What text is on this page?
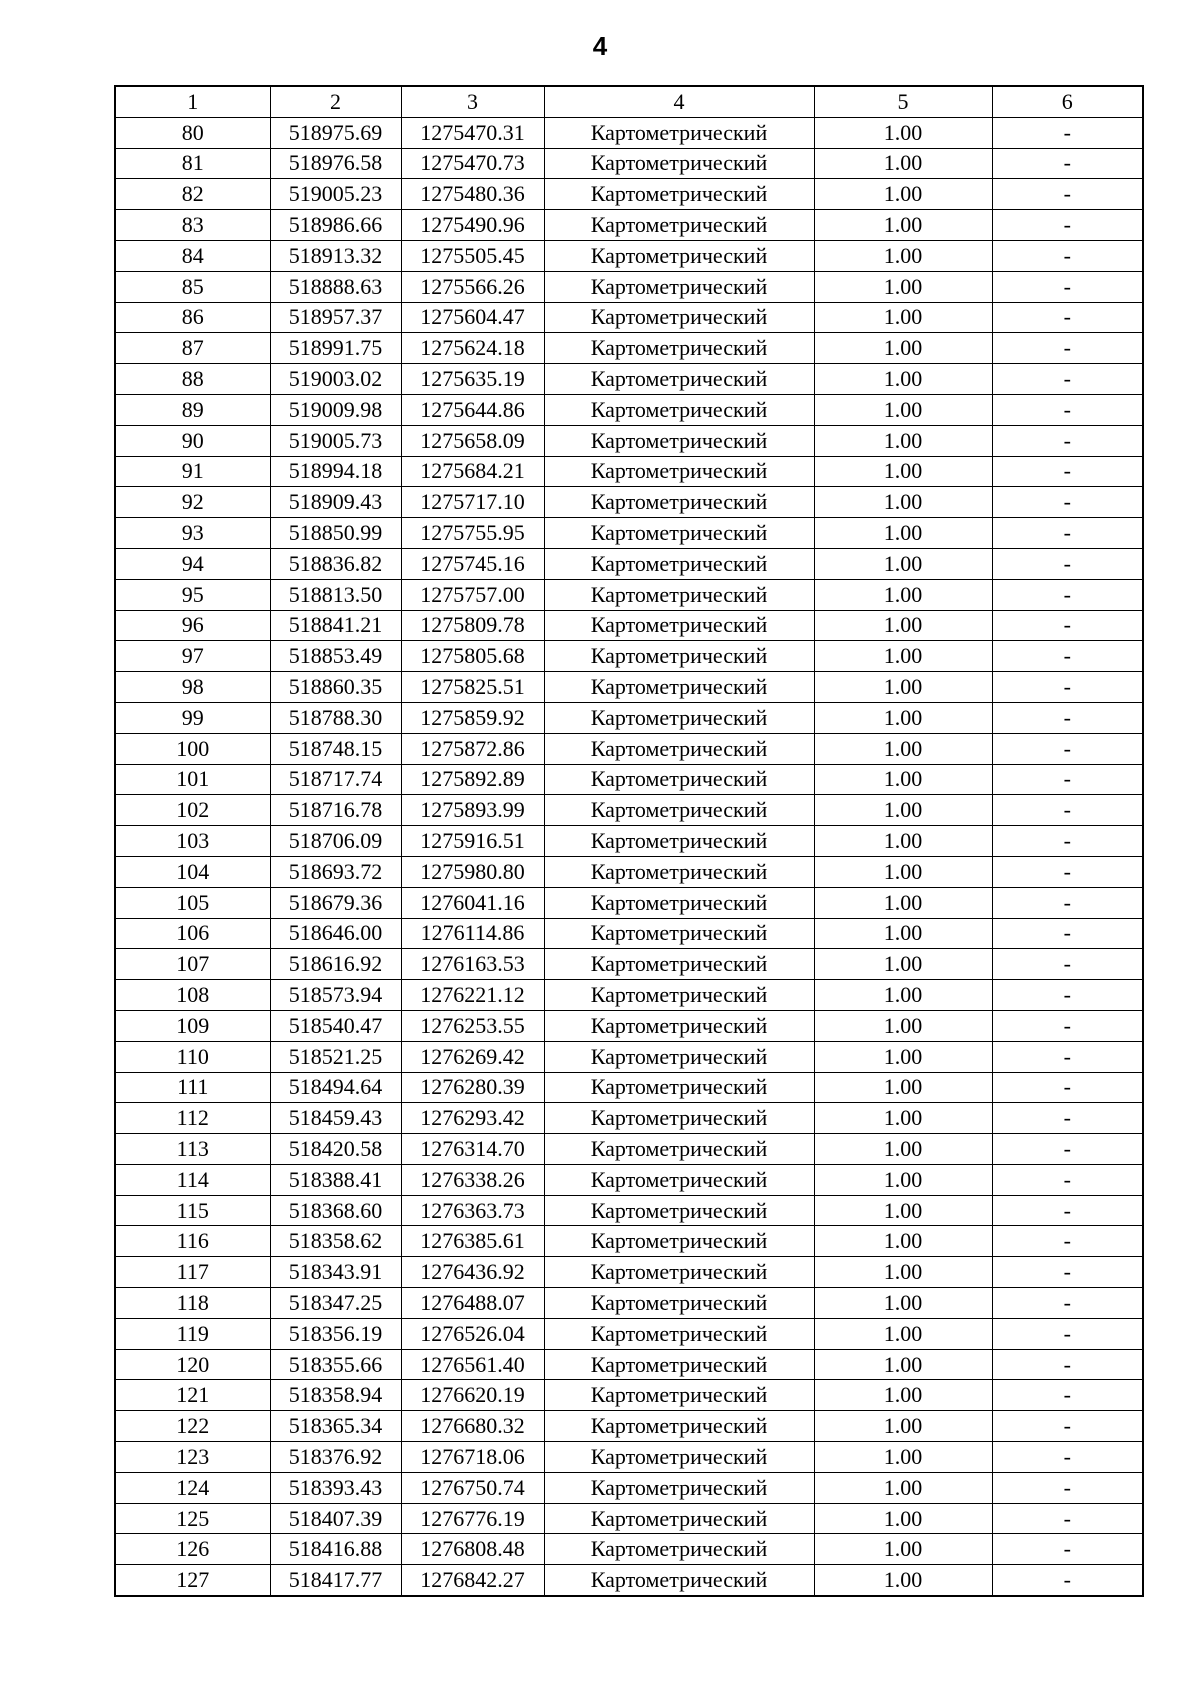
4
1	2	3	4	5	6
80	518975.69	1275470.31	Картометрический	1.00	-
81	518976.58	1275470.73	Картометрический	1.00	-
82	519005.23	1275480.36	Картометрический	1.00	-
83	518986.66	1275490.96	Картометрический	1.00	-
84	518913.32	1275505.45	Картометрический	1.00	-
85	518888.63	1275566.26	Картометрический	1.00	-
86	518957.37	1275604.47	Картометрический	1.00	-
87	518991.75	1275624.18	Картометрический	1.00	-
88	519003.02	1275635.19	Картометрический	1.00	-
89	519009.98	1275644.86	Картометрический	1.00	-
90	519005.73	1275658.09	Картометрический	1.00	-
91	518994.18	1275684.21	Картометрический	1.00	-
92	518909.43	1275717.10	Картометрический	1.00	-
93	518850.99	1275755.95	Картометрический	1.00	-
94	518836.82	1275745.16	Картометрический	1.00	-
95	518813.50	1275757.00	Картометрический	1.00	-
96	518841.21	1275809.78	Картометрический	1.00	-
97	518853.49	1275805.68	Картометрический	1.00	-
98	518860.35	1275825.51	Картометрический	1.00	-
99	518788.30	1275859.92	Картометрический	1.00	-
100	518748.15	1275872.86	Картометрический	1.00	-
101	518717.74	1275892.89	Картометрический	1.00	-
102	518716.78	1275893.99	Картометрический	1.00	-
103	518706.09	1275916.51	Картометрический	1.00	-
104	518693.72	1275980.80	Картометрический	1.00	-
105	518679.36	1276041.16	Картометрический	1.00	-
106	518646.00	1276114.86	Картометрический	1.00	-
107	518616.92	1276163.53	Картометрический	1.00	-
108	518573.94	1276221.12	Картометрический	1.00	-
109	518540.47	1276253.55	Картометрический	1.00	-
110	518521.25	1276269.42	Картометрический	1.00	-
111	518494.64	1276280.39	Картометрический	1.00	-
112	518459.43	1276293.42	Картометрический	1.00	-
113	518420.58	1276314.70	Картометрический	1.00	-
114	518388.41	1276338.26	Картометрический	1.00	-
115	518368.60	1276363.73	Картометрический	1.00	-
116	518358.62	1276385.61	Картометрический	1.00	-
117	518343.91	1276436.92	Картометрический	1.00	-
118	518347.25	1276488.07	Картометрический	1.00	-
119	518356.19	1276526.04	Картометрический	1.00	-
120	518355.66	1276561.40	Картометрический	1.00	-
121	518358.94	1276620.19	Картометрический	1.00	-
122	518365.34	1276680.32	Картометрический	1.00	-
123	518376.92	1276718.06	Картометрический	1.00	-
124	518393.43	1276750.74	Картометрический	1.00	-
125	518407.39	1276776.19	Картометрический	1.00	-
126	518416.88	1276808.48	Картометрический	1.00	-
127	518417.77	1276842.27	Картометрический	1.00	-
